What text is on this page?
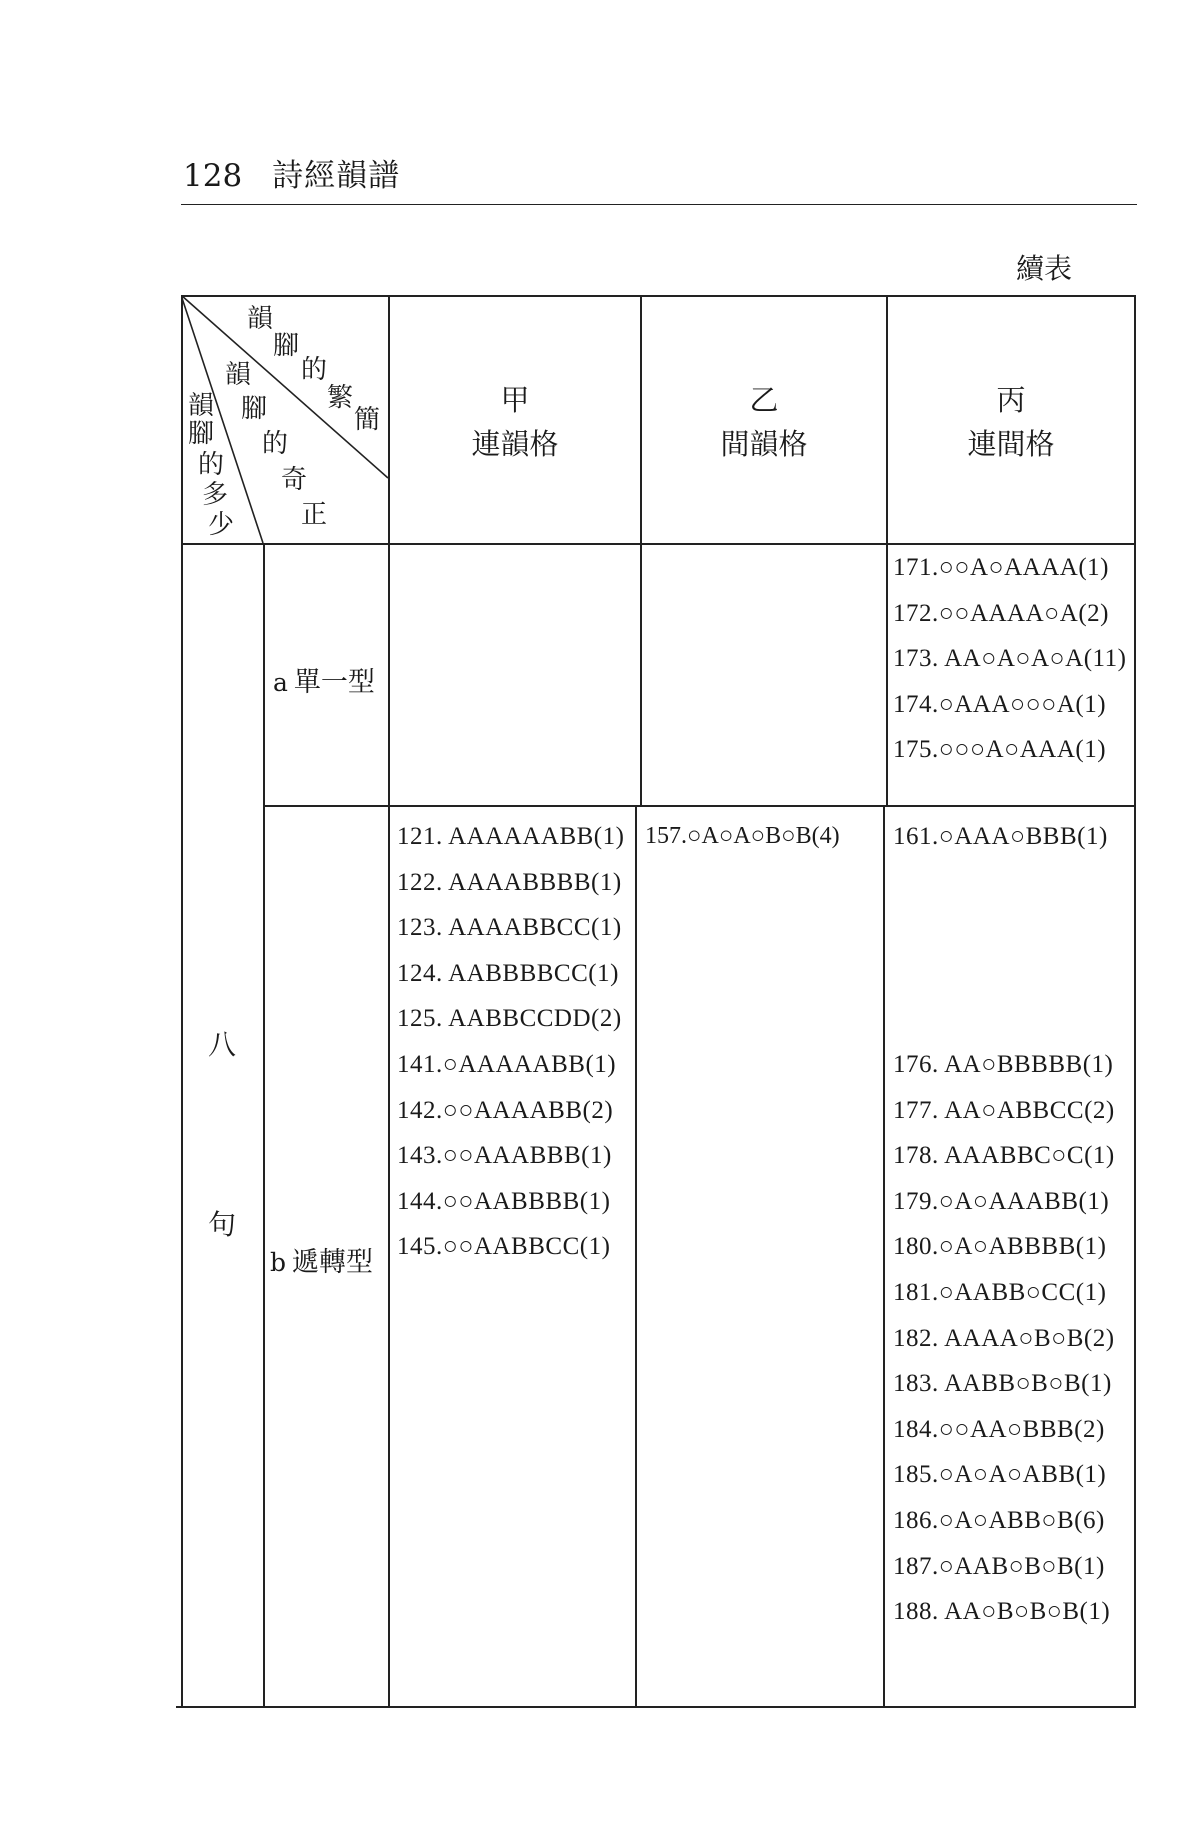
128 詩經韻譜
續表
韻
腳
的
繁
簡
韻
腳
的
奇
正
韻
腳
的
多
少
甲
連韻格
乙
間韻格
丙
連間格
八
句
a 單一型
b 遞轉型
171.○○A○AAAA(1)
172.○○AAAA○A(2)
173. AA○A○A○A(11)
174.○AAA○○○A(1)
175.○○○A○AAA(1)
121. AAAAAABB(1)
122. AAAABBBB(1)
123. AAAABBCC(1)
124. AABBBBCC(1)
125. AABBCCDD(2)
141.○AAAAABB(1)
142.○○AAAABB(2)
143.○○AAABBB(1)
144.○○AABBBB(1)
145.○○AABBCC(1)
157.○A○A○B○B(4) 161.○AAA○BBB(1)
176. AA○BBBBB(1)
177. AA○ABBCC(2)
178. AAABBC○C(1)
179.○A○AAABB(1)
180.○A○ABBBB(1)
181.○AABB○CC(1)
182. AAAA○B○B(2)
183. AABB○B○B(1)
184.○○AA○BBB(2)
185.○A○A○ABB(1)
186.○A○ABB○B(6)
187.○AAB○B○B(1)
188. AA○B○B○B(1)
